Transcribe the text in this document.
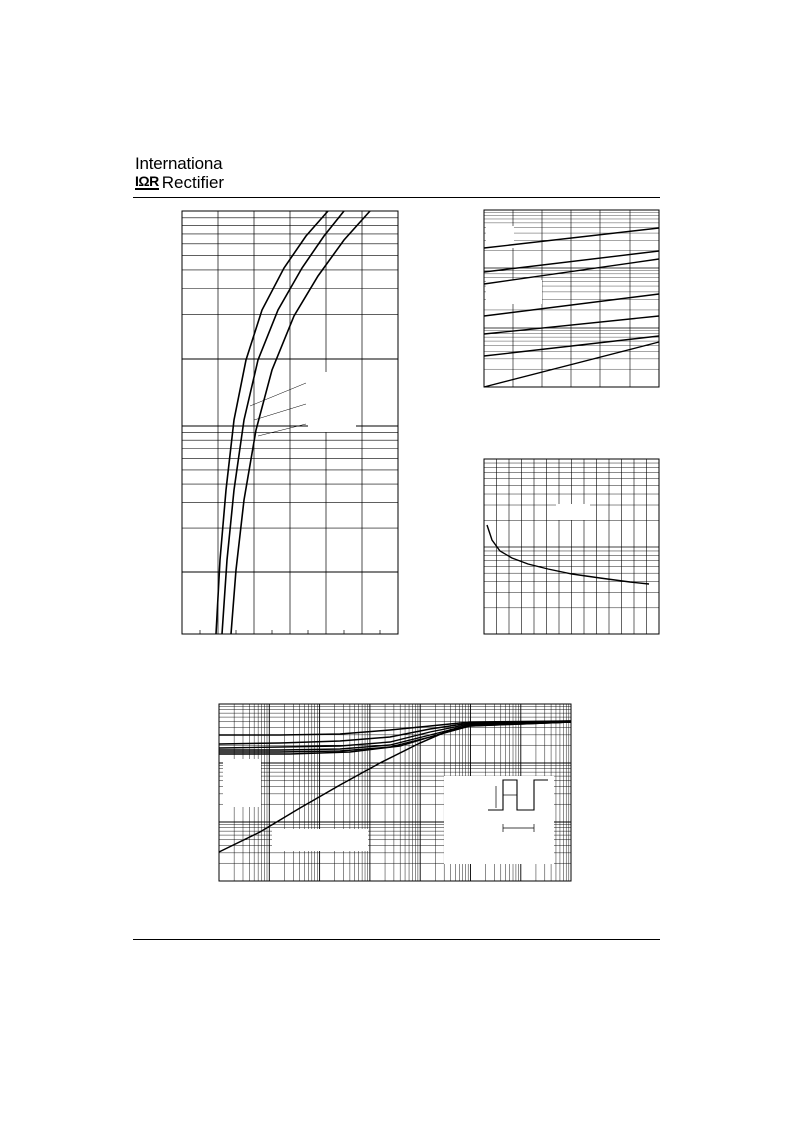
Internationa
IΩR Rectifier
